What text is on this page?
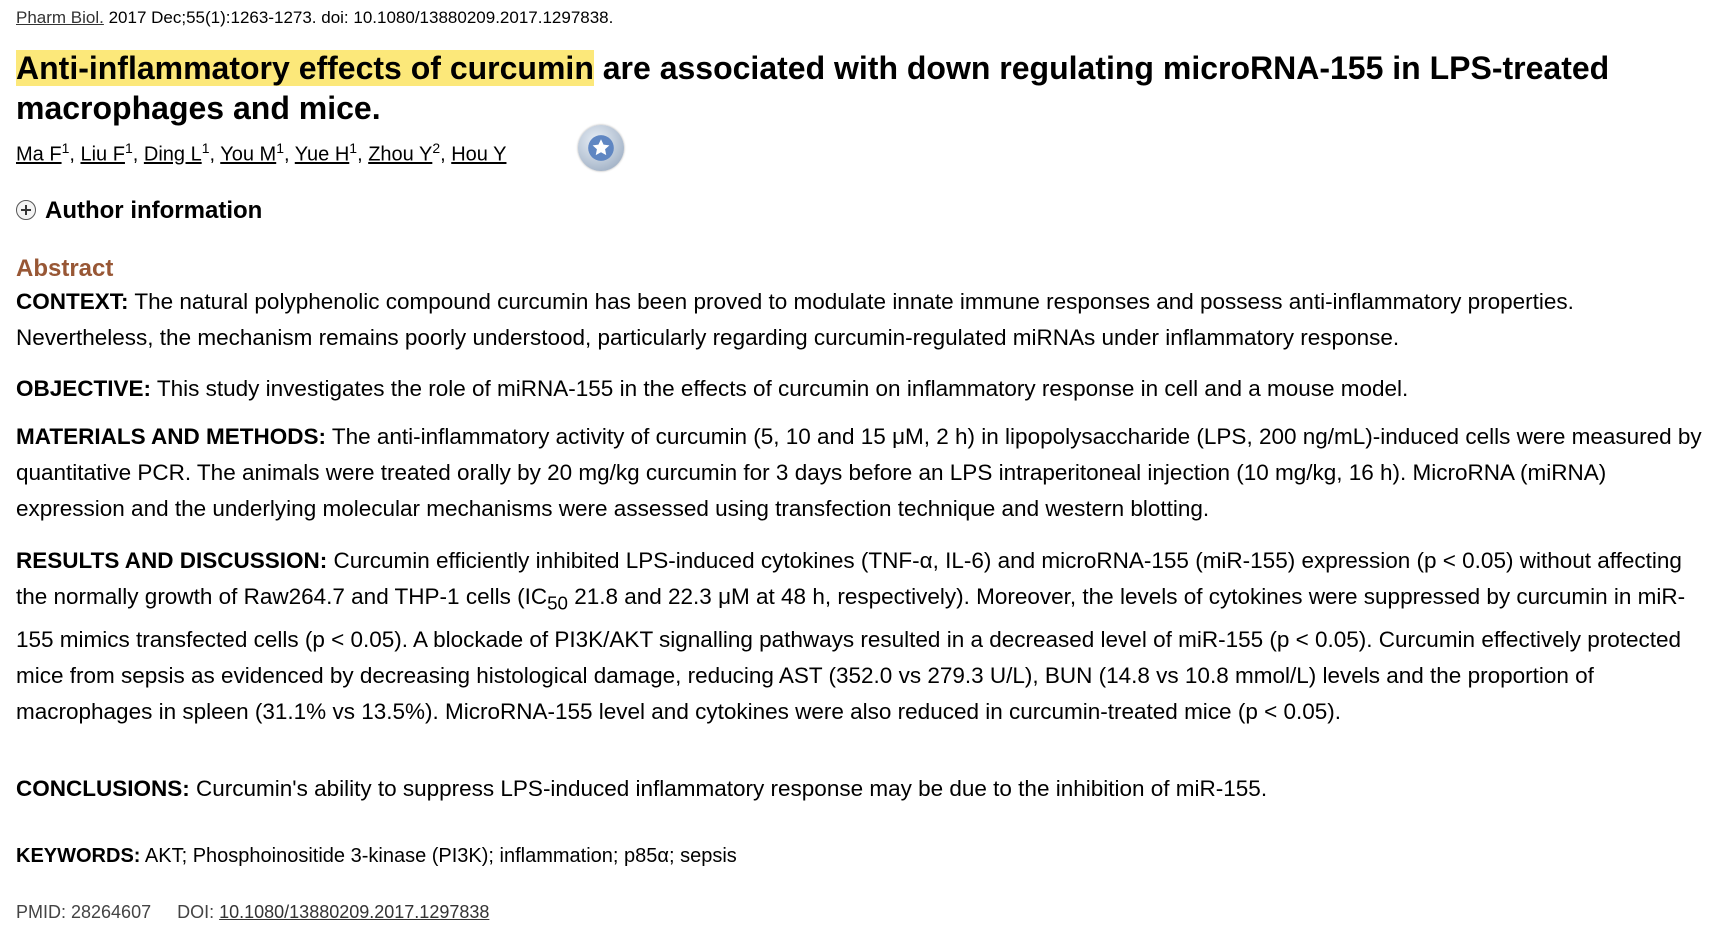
Pharm Biol. 2017 Dec;55(1):1263-1273. doi: 10.1080/13880209.2017.1297838.
Anti-inflammatory effects of curcumin are associated with down regulating microRNA-155 in LPS-treated macrophages and mice.
Ma $F^1$, Liu $F^1$, Ding $L^1$, You $M^1$, Yue $H^1$, Zhou $Y^2$, Hou Y
Author information
Abstract
CONTEXT: The natural polyphenolic compound curcumin has been proved to modulate innate immune responses and possess anti-inflammatory properties. Nevertheless, the mechanism remains poorly understood, particularly regarding curcumin-regulated miRNAs under inflammatory response.
OBJECTIVE: This study investigates the role of miRNA-155 in the effects of curcumin on inflammatory response in cell and a mouse model.
MATERIALS AND METHODS: The anti-inflammatory activity of curcumin (5, 10 and 15 μM, 2 h) in lipopolysaccharide (LPS, 200 ng/mL)-induced cells were measured by quantitative PCR. The animals were treated orally by 20 mg/kg curcumin for 3 days before an LPS intraperitoneal injection (10 mg/kg, 16 h). MicroRNA (miRNA) expression and the underlying molecular mechanisms were assessed using transfection technique and western blotting.
RESULTS AND DISCUSSION: Curcumin efficiently inhibited LPS-induced cytokines (TNF-α, IL-6) and microRNA-155 (miR-155) expression (p < 0.05) without affecting the normally growth of Raw264.7 and THP-1 cells ($IC_{50}$ 21.8 and 22.3 μM at 48 h, respectively). Moreover, the levels of cytokines were suppressed by curcumin in miR-155 mimics transfected cells (p < 0.05). A blockade of PI3K/AKT signalling pathways resulted in a decreased level of miR-155 (p < 0.05). Curcumin effectively protected mice from sepsis as evidenced by decreasing histological damage, reducing AST (352.0 vs 279.3 U/L), BUN (14.8 vs 10.8 mmol/L) levels and the proportion of macrophages in spleen (31.1% vs 13.5%). MicroRNA-155 level and cytokines were also reduced in curcumin-treated mice (p < 0.05).
CONCLUSIONS: Curcumin's ability to suppress LPS-induced inflammatory response may be due to the inhibition of miR-155.
KEYWORDS: AKT; Phosphoinositide 3-kinase (PI3K); inflammation; p85α; sepsis
PMID: 28264607 DOI: 10.1080/13880209.2017.1297838
